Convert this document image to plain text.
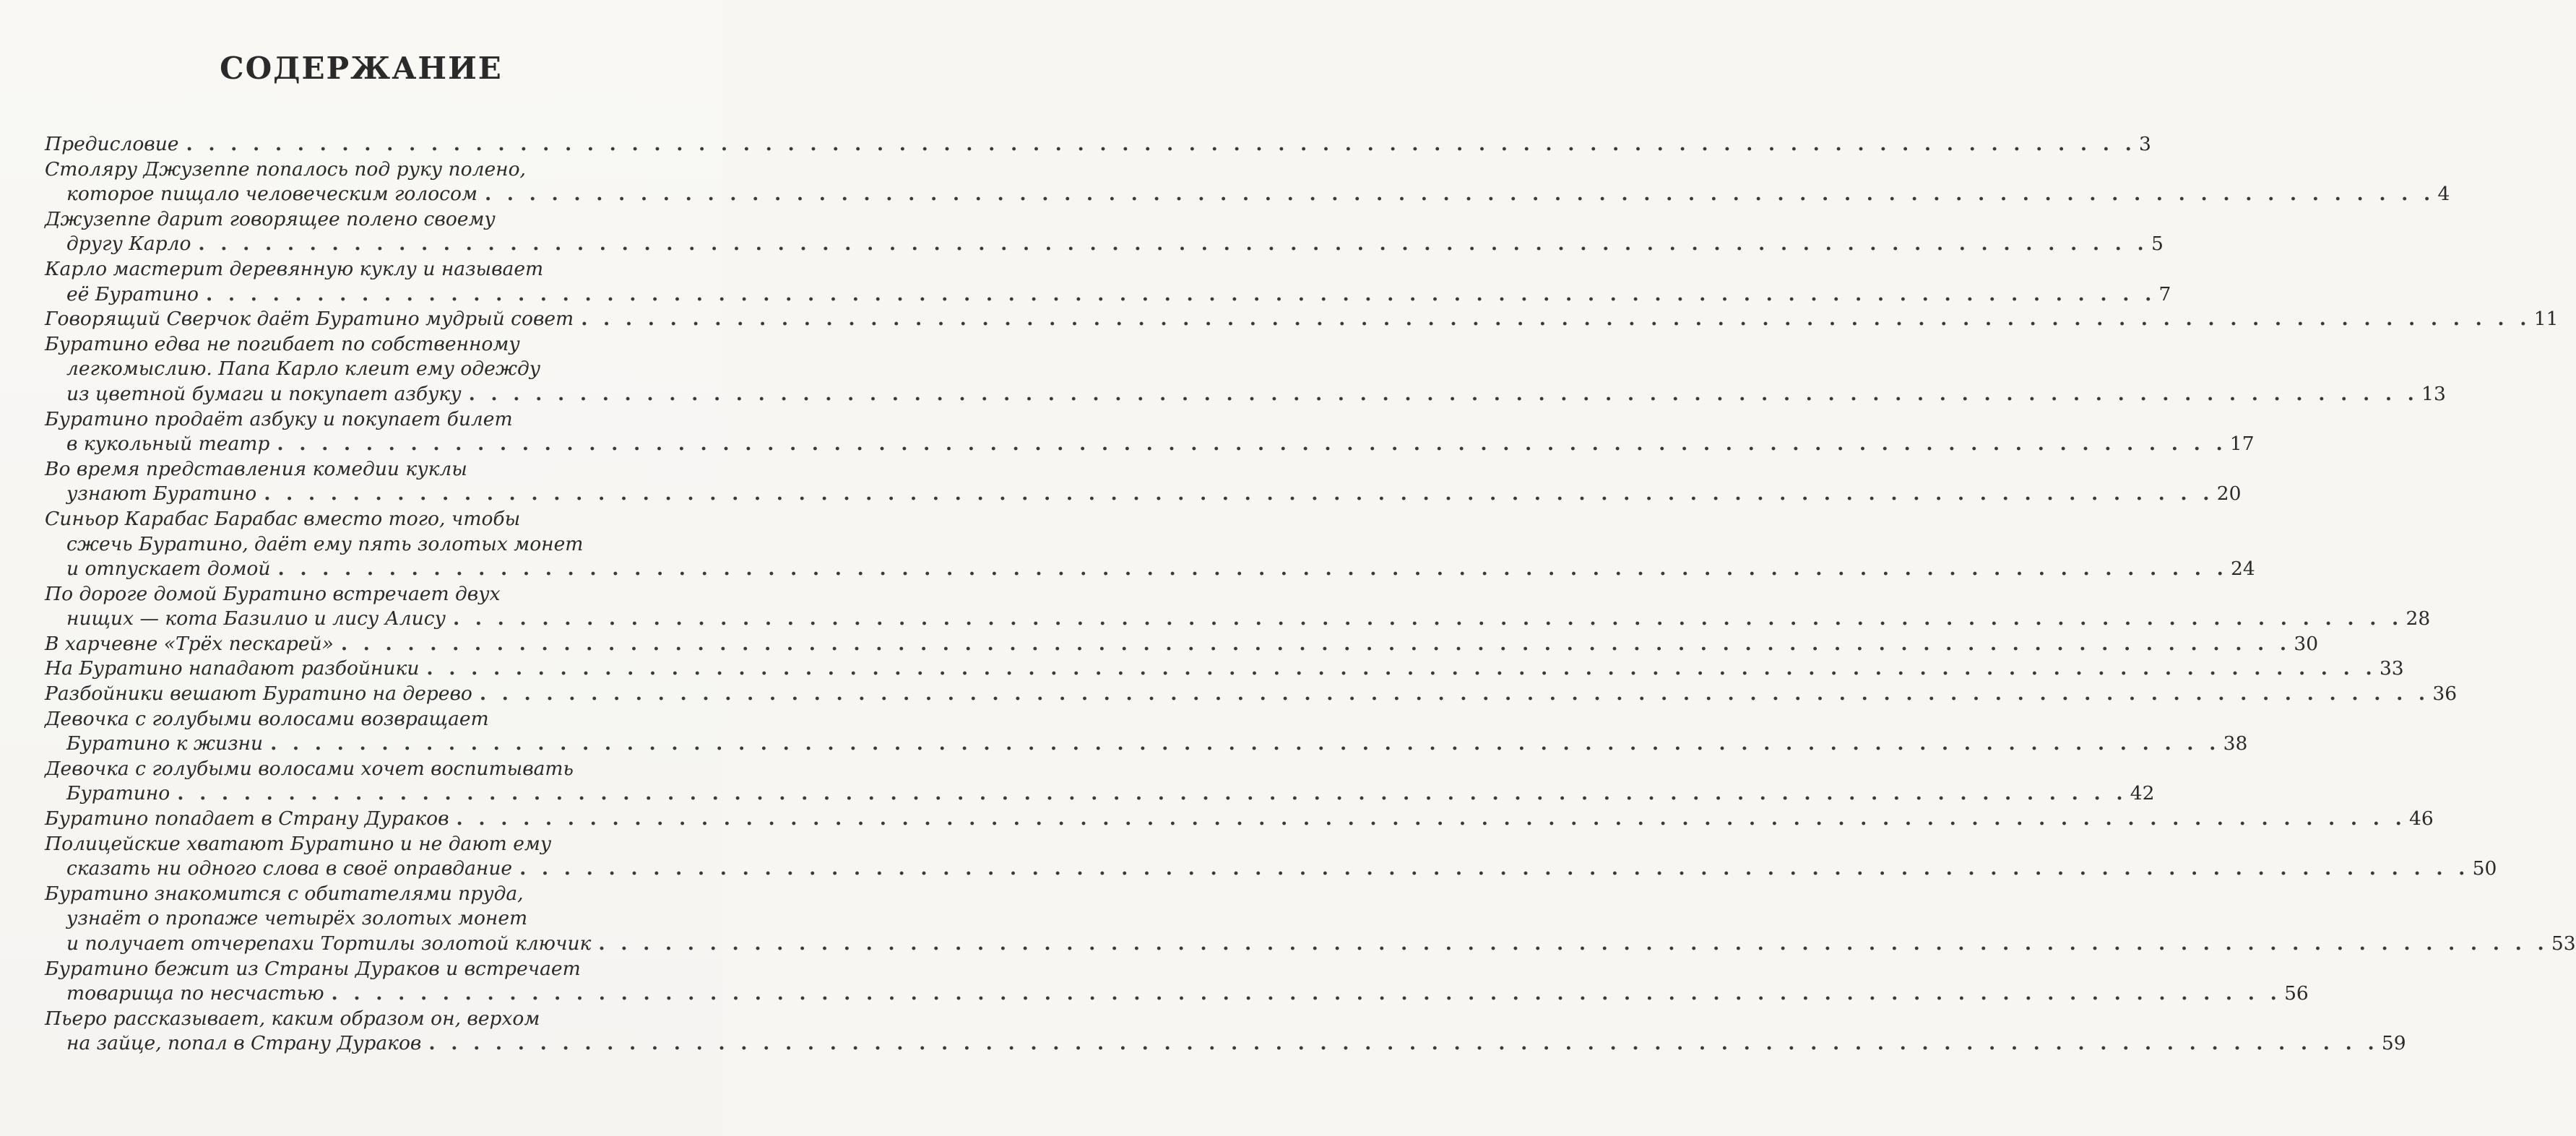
СОДЕРЖАНИЕ
Предисловие . . . . . . . . . . . . . . . . . . . . . . . . . . . . . . . . . . . . . . . . . . . . . . . . . . . . . . . . . . . . . . . . . . . . . . . . . . . . . . . . . . . . . . . . 3
Столяру Джузеппе попалось под руку полено,
которое пищало человеческим голосом . . . . . . . . . . . . . . . . . . . . . . . . . . . . . . . . . . . . . . . . . . . . . . . . . . . . . . . . . . . . . . . . . . . . . . . . . . . . . . . . . . . . . . . . 4
Джузеппе дарит говорящее полено своему
другу Карло . . . . . . . . . . . . . . . . . . . . . . . . . . . . . . . . . . . . . . . . . . . . . . . . . . . . . . . . . . . . . . . . . . . . . . . . . . . . . . . . . . . . . . . . 5
Карло мастерит деревянную куклу и называет
её Буратино . . . . . . . . . . . . . . . . . . . . . . . . . . . . . . . . . . . . . . . . . . . . . . . . . . . . . . . . . . . . . . . . . . . . . . . . . . . . . . . . . . . . . . . . 7
Говорящий Сверчок даёт Буратино мудрый совет . . . . . . . . . . . . . . . . . . . . . . . . . . . . . . . . . . . . . . . . . . . . . . . . . . . . . . . . . . . . . . . . . . . . . . . . . . . . . . . . . . . . . . . . 11
Буратино едва не погибает по собственному
легкомыслию. Папа Карло клеит ему одежду
из цветной бумаги и покупает азбуку . . . . . . . . . . . . . . . . . . . . . . . . . . . . . . . . . . . . . . . . . . . . . . . . . . . . . . . . . . . . . . . . . . . . . . . . . . . . . . . . . . . . . . . . 13
Буратино продаёт азбуку и покупает билет
в кукольный театр . . . . . . . . . . . . . . . . . . . . . . . . . . . . . . . . . . . . . . . . . . . . . . . . . . . . . . . . . . . . . . . . . . . . . . . . . . . . . . . . . . . . . . . . 17
Во время представления комедии куклы
узнают Буратино . . . . . . . . . . . . . . . . . . . . . . . . . . . . . . . . . . . . . . . . . . . . . . . . . . . . . . . . . . . . . . . . . . . . . . . . . . . . . . . . . . . . . . . . 20
Синьор Карабас Барабас вместо того, чтобы
сжечь Буратино, даёт ему пять золотых монет
и отпускает домой . . . . . . . . . . . . . . . . . . . . . . . . . . . . . . . . . . . . . . . . . . . . . . . . . . . . . . . . . . . . . . . . . . . . . . . . . . . . . . . . . . . . . . . . 24
По дороге домой Буратино встречает двух
нищих — кота Базилио и лису Алису . . . . . . . . . . . . . . . . . . . . . . . . . . . . . . . . . . . . . . . . . . . . . . . . . . . . . . . . . . . . . . . . . . . . . . . . . . . . . . . . . . . . . . . . 28
В харчевне «Трёх пескарей» . . . . . . . . . . . . . . . . . . . . . . . . . . . . . . . . . . . . . . . . . . . . . . . . . . . . . . . . . . . . . . . . . . . . . . . . . . . . . . . . . . . . . . . . 30
На Буратино нападают разбойники . . . . . . . . . . . . . . . . . . . . . . . . . . . . . . . . . . . . . . . . . . . . . . . . . . . . . . . . . . . . . . . . . . . . . . . . . . . . . . . . . . . . . . . . 33
Разбойники вешают Буратино на дерево . . . . . . . . . . . . . . . . . . . . . . . . . . . . . . . . . . . . . . . . . . . . . . . . . . . . . . . . . . . . . . . . . . . . . . . . . . . . . . . . . . . . . . . . 36
Девочка с голубыми волосами возвращает
Буратино к жизни . . . . . . . . . . . . . . . . . . . . . . . . . . . . . . . . . . . . . . . . . . . . . . . . . . . . . . . . . . . . . . . . . . . . . . . . . . . . . . . . . . . . . . . . 38
Девочка с голубыми волосами хочет воспитывать
Буратино . . . . . . . . . . . . . . . . . . . . . . . . . . . . . . . . . . . . . . . . . . . . . . . . . . . . . . . . . . . . . . . . . . . . . . . . . . . . . . . . . . . . . . . . 42
Буратино попадает в Страну Дураков . . . . . . . . . . . . . . . . . . . . . . . . . . . . . . . . . . . . . . . . . . . . . . . . . . . . . . . . . . . . . . . . . . . . . . . . . . . . . . . . . . . . . . . . 46
Полицейские хватают Буратино и не дают ему
сказать ни одного слова в своё оправдание . . . . . . . . . . . . . . . . . . . . . . . . . . . . . . . . . . . . . . . . . . . . . . . . . . . . . . . . . . . . . . . . . . . . . . . . . . . . . . . . . . . . . . . . 50
Буратино знакомится с обитателями пруда,
узнаёт о пропаже четырёх золотых монет
и получает отчерепахи Тортилы золотой ключик . . . . . . . . . . . . . . . . . . . . . . . . . . . . . . . . . . . . . . . . . . . . . . . . . . . . . . . . . . . . . . . . . . . . . . . . . . . . . . . . . . . . . . . . 53
Буратино бежит из Страны Дураков и встречает
товарища по несчастью . . . . . . . . . . . . . . . . . . . . . . . . . . . . . . . . . . . . . . . . . . . . . . . . . . . . . . . . . . . . . . . . . . . . . . . . . . . . . . . . . . . . . . . . 56
Пьеро рассказывает, каким образом он, верхом
на зайце, попал в Страну Дураков . . . . . . . . . . . . . . . . . . . . . . . . . . . . . . . . . . . . . . . . . . . . . . . . . . . . . . . . . . . . . . . . . . . . . . . . . . . . . . . . . . . . . . . . 59
